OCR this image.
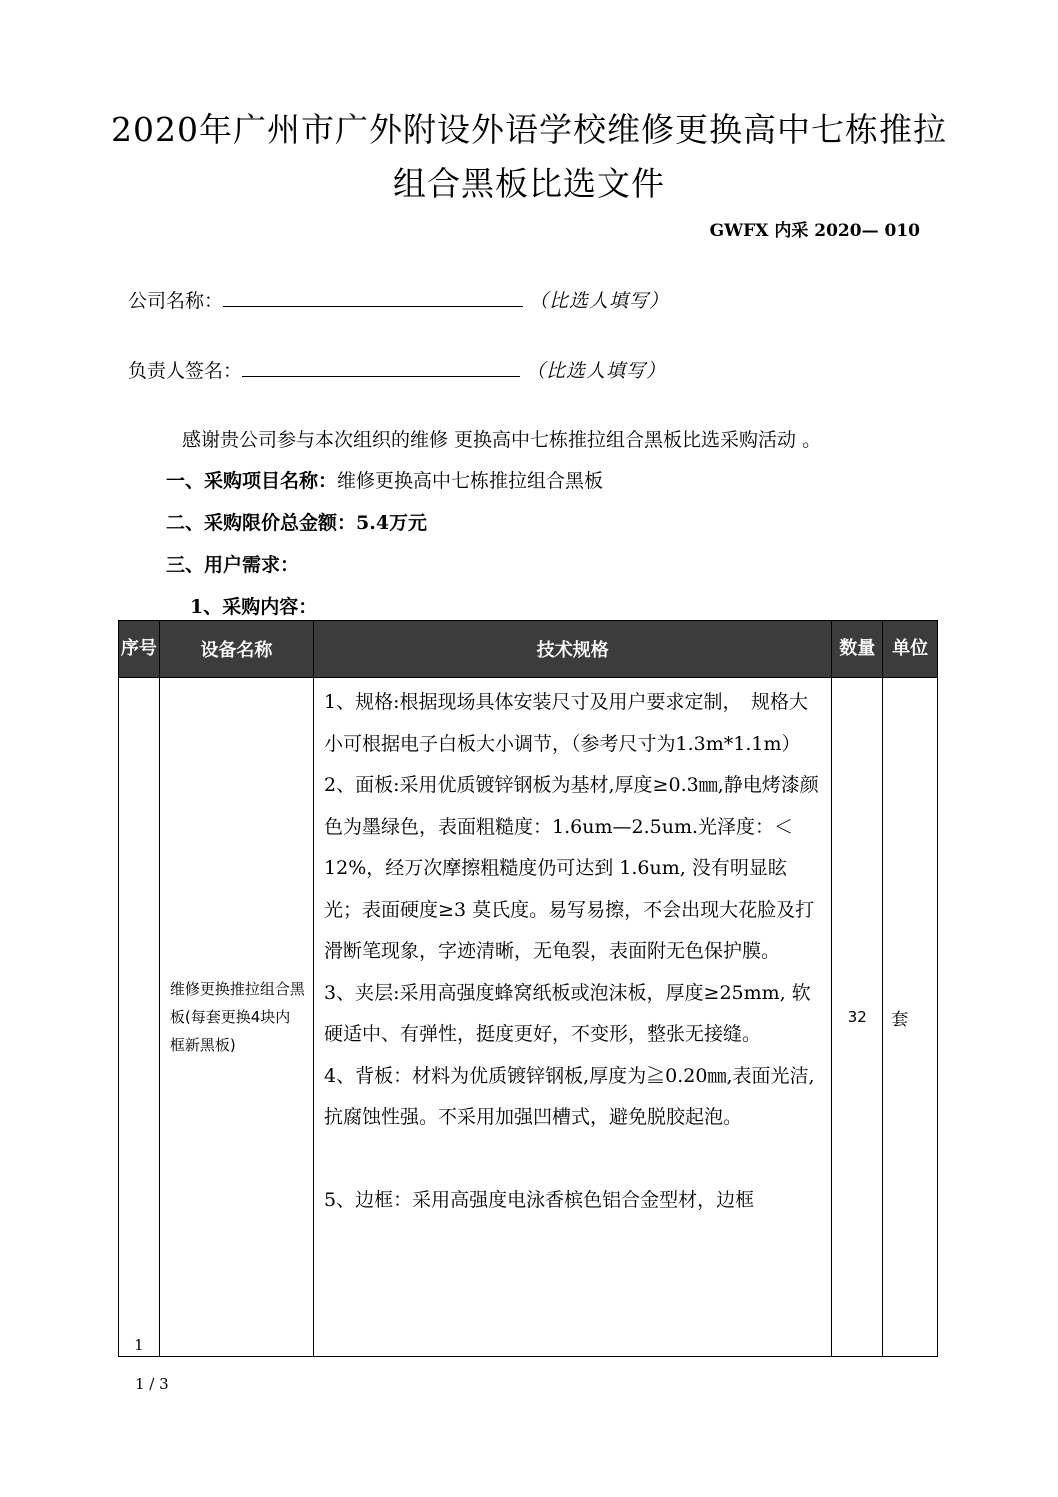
2020年广州市广外附设外语学校维修更换高中七栋推拉
组合黑板比选文件
GWFX 内采 2020— 010
公司名称：	（比选人填写）
负责人签名：	（比选人填写）
感谢贵公司参与本次组织的维修 更换高中七栋推拉组合黑板比选采购活动 。
一、采购项目名称：维修更换高中七栋推拉组合黑板
二、采购限价总金额：5.4万元
三、用户需求：
1、采购内容：
序号	设备名称	技术规格	数量	单位
1	维修更换推拉组合黑板(每套更换4块内框新黑板)	1、规格:根据现场具体安装尺寸及用户要求定制，　规格大小可根据电子白板大小调节，（参考尺寸为1.3m*1.1m）

2、面板:采用优质镀锌钢板为基材,厚度≥0.3㎜,静电烤漆颜色为墨绿色，表面粗糙度：1.6um—2.5um.光泽度：＜12%，经万次摩擦粗糙度仍可达到 1.6um, 没有明显眩光；表面硬度≥3 莫氏度。易写易擦，不会出现大花脸及打滑断笔现象，字迹清晰，无龟裂，表面附无色保护膜。

3、夹层:采用高强度蜂窝纸板或泡沫板，厚度≥25mm, 软硬适中、有弹性，挺度更好，不变形，整张无接缝。

4、背板：材料为优质镀锌钢板,厚度为≧0.20㎜,表面光洁,抗腐蚀性强。不采用加强凹槽式，避免脱胶起泡。

5、边框：采用高强度电泳香槟色铝合金型材，边框	32	套
1 / 3
